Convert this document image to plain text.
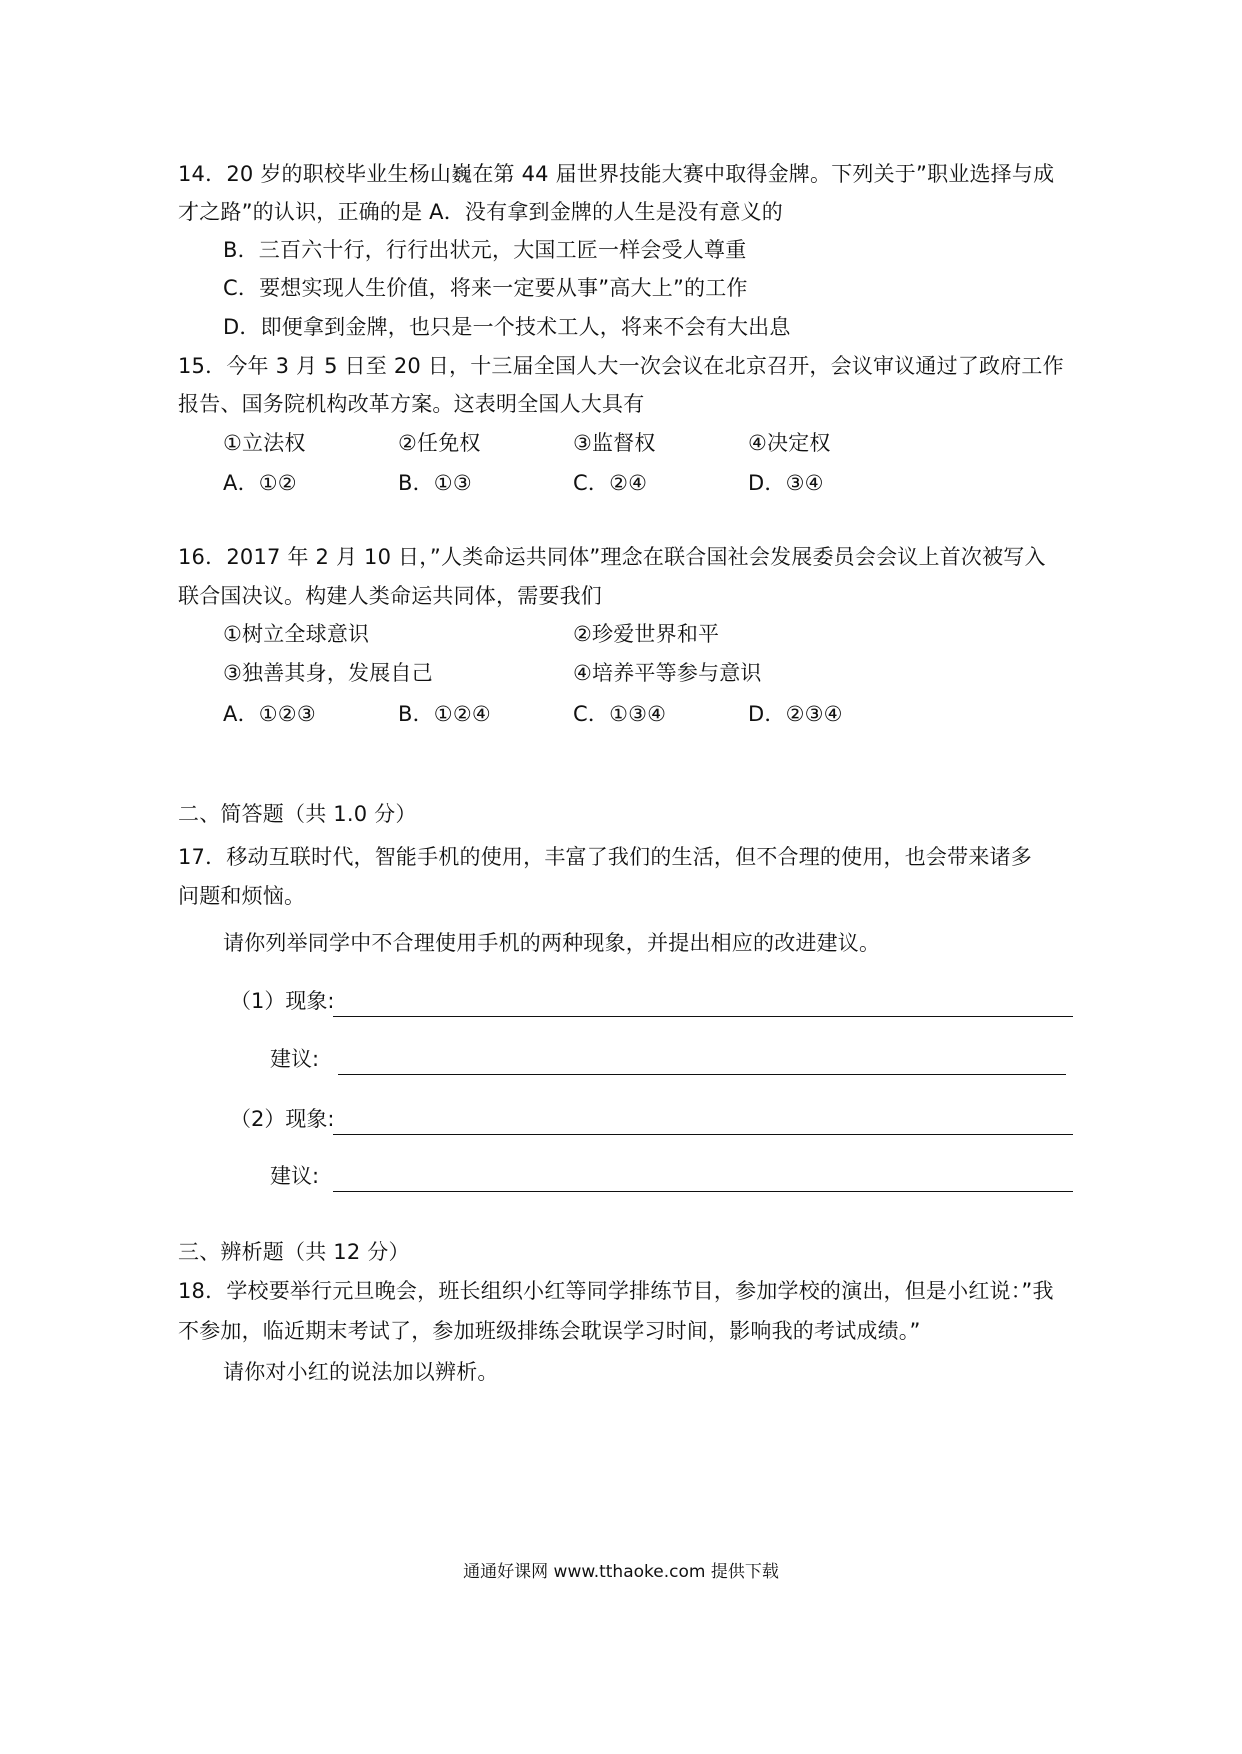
14．20 岁的职校毕业生杨山巍在第 44 届世界技能大赛中取得金牌。下列关于”职业选择与成
才之路”的认识，正确的是 A．没有拿到金牌的人生是没有意义的
B．三百六十行，行行出状元，大国工匠一样会受人尊重
C．要想实现人生价值，将来一定要从事”高大上”的工作
D．即便拿到金牌，也只是一个技术工人，将来不会有大出息
15．今年 3 月 5 日至 20 日，十三届全国人大一次会议在北京召开，会议审议通过了政府工作
报告、国务院机构改革方案。这表明全国人大具有
①立法权	②任免权	③监督权	④决定权
A．①②	B．①③	C．②④	D．③④
16．2017 年 2 月 10 日，”人类命运共同体”理念在联合国社会发展委员会会议上首次被写入
联合国决议。构建人类命运共同体，需要我们
①树立全球意识	②珍爱世界和平
③独善其身，发展自己	④培养平等参与意识
A．①②③	B．①②④	C．①③④	D．②③④
二、简答题（共 1.0 分）
17．移动互联时代，智能手机的使用，丰富了我们的生活，但不合理的使用，也会带来诸多
问题和烦恼。
请你列举同学中不合理使用手机的两种现象，并提出相应的改进建议。
（1）现象:
建议:
（2）现象:
建议:
三、辨析题（共 12 分）
18．学校要举行元旦晚会，班长组织小红等同学排练节目，参加学校的演出，但是小红说：”我
不参加，临近期末考试了，参加班级排练会耽误学习时间，影响我的考试成绩。”
请你对小红的说法加以辨析。
通通好课网 www.tthaoke.com 提供下载
